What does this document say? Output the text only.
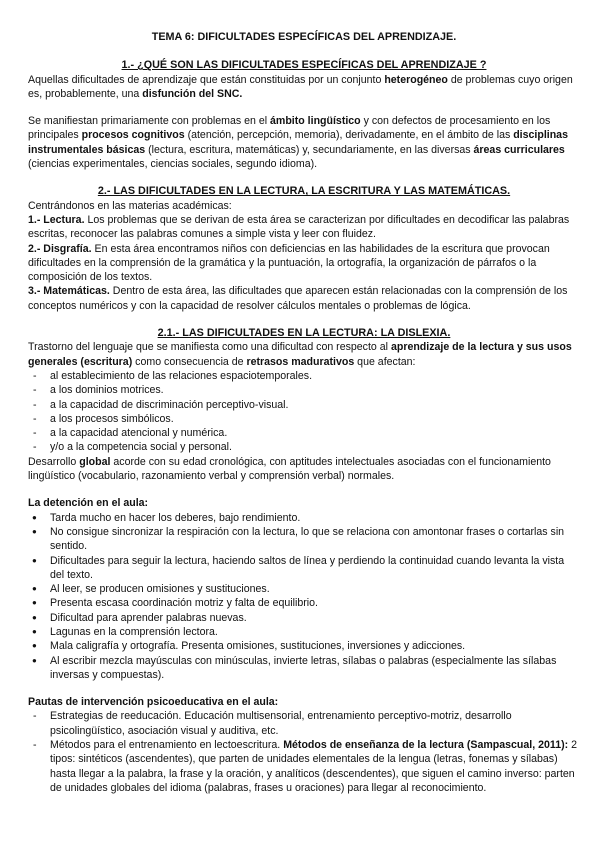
TEMA 6: DIFICULTADES ESPECÍFICAS DEL APRENDIZAJE.
1.- ¿QUÉ SON LAS DIFICULTADES ESPECÍFICAS DEL APRENDIZAJE ?

Aquellas dificultades de aprendizaje que están constituidas por un conjunto heterogéneo de problemas cuyo origen es, probablemente, una disfunción del SNC.

Se manifiestan primariamente con problemas en el ámbito lingüístico y con defectos de procesamiento en los principales procesos cognitivos (atención, percepción, memoria), derivadamente, en el ámbito de las disciplinas instrumentales básicas (lectura, escritura, matemáticas) y, secundariamente, en las diversas áreas curriculares (ciencias experimentales, ciencias sociales, segundo idioma).

2.- LAS DIFICULTADES EN LA LECTURA, LA ESCRITURA Y LAS MATEMÁTICAS.

Centrándonos en las materias académicas:

1.- Lectura. Los problemas que se derivan de esta área se caracterizan por dificultades en decodificar las palabras escritas, reconocer las palabras comunes a simple vista y leer con fluidez.

2.- Disgrafía. En esta área encontramos niños con deficiencias en las habilidades de la escritura que provocan dificultades en la comprensión de la gramática y la puntuación, la ortografía, la organización de párrafos o la composición de los textos.

3.- Matemáticas. Dentro de esta área, las dificultades que aparecen están relacionadas con la comprensión de los conceptos numéricos y con la capacidad de resolver cálculos mentales o problemas de lógica.

2.1.- LAS DIFICULTADES EN LA LECTURA: LA DISLEXIA.

Trastorno del lenguaje que se manifiesta como una dificultad con respecto al aprendizaje de la lectura y sus usos generales (escritura) como consecuencia de retrasos madurativos que afectan:

- al establecimiento de las relaciones espaciotemporales.
- a los dominios motrices.
- a la capacidad de discriminación perceptivo-visual.
- a los procesos simbólicos.
- a la capacidad atencional y numérica.
- y/o a la competencia social y personal.

Desarrollo global acorde con su edad cronológica, con aptitudes intelectuales asociadas con el funcionamiento lingüístico (vocabulario, razonamiento verbal y comprensión verbal) normales.

La detención en el aula:

● Tarda mucho en hacer los deberes, bajo rendimiento.
● No consigue sincronizar la respiración con la lectura, lo que se relaciona con amontonar frases o cortarlas sin sentido.
● Dificultades para seguir la lectura, haciendo saltos de línea y perdiendo la continuidad cuando levanta la vista del texto.
● Al leer, se producen omisiones y sustituciones.
● Presenta escasa coordinación motriz y falta de equilibrio.
● Dificultad para aprender palabras nuevas.
● Lagunas en la comprensión lectora.
● Mala caligrafía y ortografía. Presenta omisiones, sustituciones, inversiones y adicciones.
● Al escribir mezcla mayúsculas con minúsculas, invierte letras, sílabas o palabras (especialmente las sílabas inversas y compuestas).

Pautas de intervención psicoeducativa en el aula:

- Estrategias de reeducación. Educación multisensorial, entrenamiento perceptivo-motriz, desarrollo psicolingüístico, asociación visual y auditiva, etc.
- Métodos para el entrenamiento en lectoescritura. Métodos de enseñanza de la lectura (Sampascual, 2011): 2 tipos: sintéticos (ascendentes), que parten de unidades elementales de la lengua (letras, fonemas y sílabas) hasta llegar a la palabra, la frase y la oración, y analíticos (descendentes), que siguen el camino inverso: parten de unidades globales del idioma (palabras, frases u oraciones) para llegar al reconocimiento.
